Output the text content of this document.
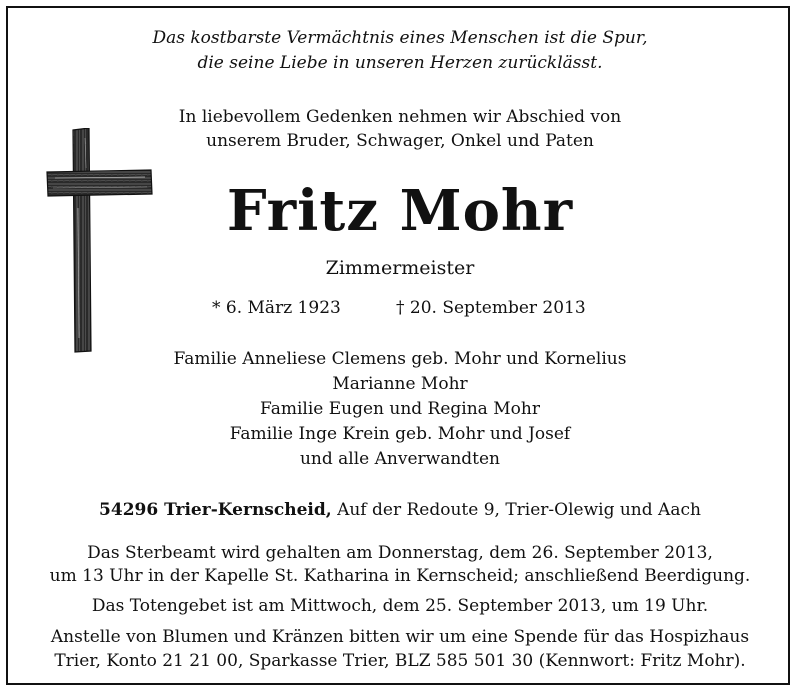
Das kostbarste Vermächtnis eines Menschen ist die Spur,
die seine Liebe in unseren Herzen zurücklässt.
In liebevollem Gedenken nehmen wir Abschied von
unserem Bruder, Schwager, Onkel und Paten
Fritz Mohr
Zimmermeister
* 6. März 1923	† 20. September 2013
Familie Anneliese Clemens geb. Mohr und Kornelius
Marianne Mohr
Familie Eugen und Regina Mohr
Familie Inge Krein geb. Mohr und Josef
und alle Anverwandten
54296 Trier-Kernscheid, Auf der Redoute 9, Trier-Olewig und Aach
Das Sterbeamt wird gehalten am Donnerstag, dem 26. September 2013,
um 13 Uhr in der Kapelle St. Katharina in Kernscheid; anschließend Beerdigung.
Das Totengebet ist am Mittwoch, dem 25. September 2013, um 19 Uhr.
Anstelle von Blumen und Kränzen bitten wir um eine Spende für das Hospizhaus
Trier, Konto 21 21 00, Sparkasse Trier, BLZ 585 501 30 (Kennwort: Fritz Mohr).
